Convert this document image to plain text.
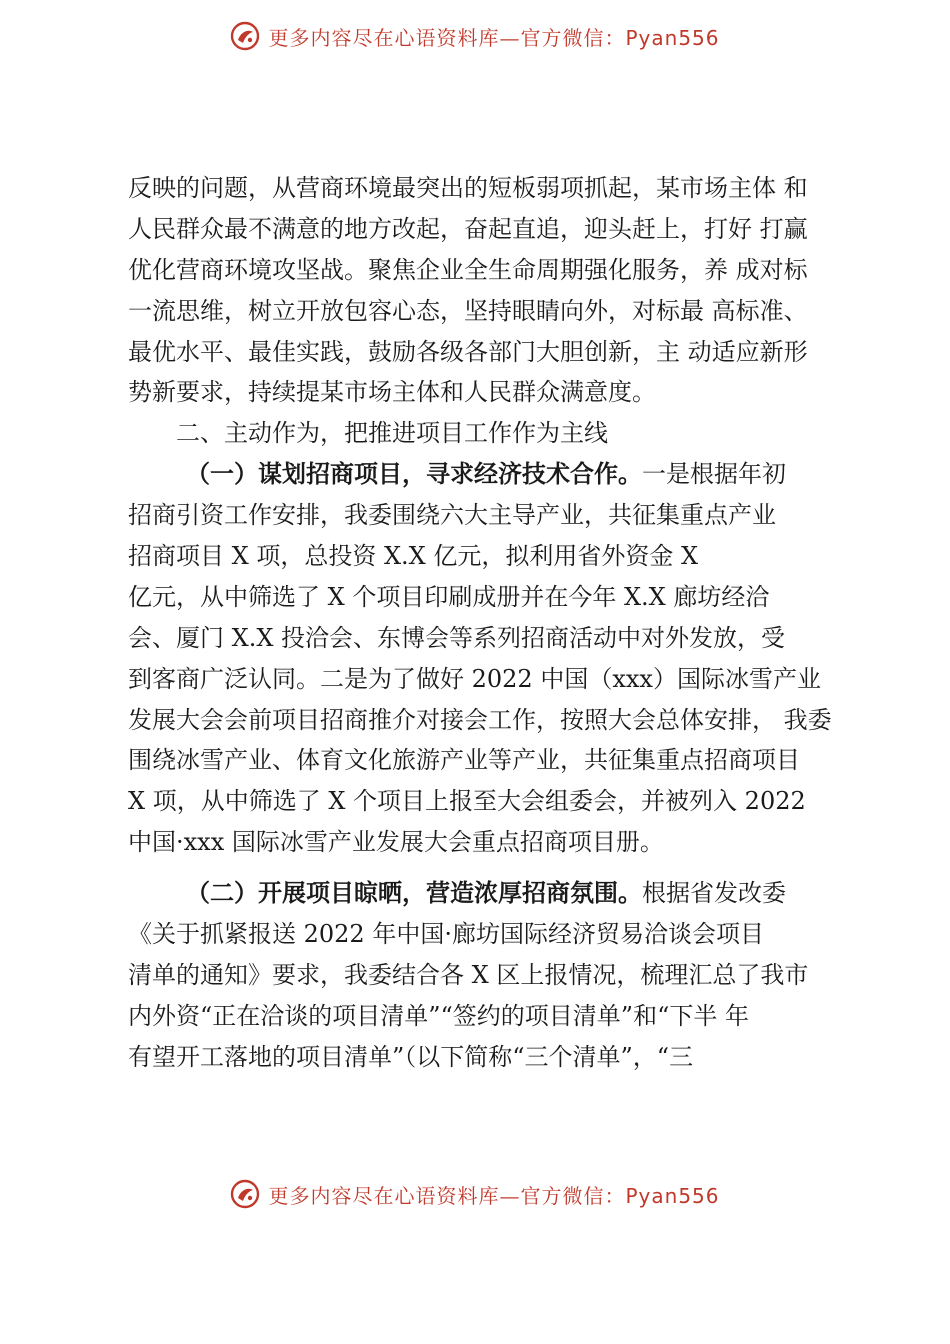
更多内容尽在心语资料库—官方微信：Pyan556
反映的问题，从营商环境最突出的短板弱项抓起，某市场主体 和
人民群众最不满意的地方改起，奋起直追，迎头赶上，打好 打赢
优化营商环境攻坚战。聚焦企业全生命周期强化服务，养 成对标
一流思维，树立开放包容心态，坚持眼睛向外，对标最 高标准、
最优水平、最佳实践，鼓励各级各部门大胆创新，主 动适应新形
势新要求，持续提某市场主体和人民群众满意度。
二、主动作为，把推进项目工作作为主线
（一）谋划招商项目，寻求经济技术合作。一是根据年初
招商引资工作安排，我委围绕六大主导产业，共征集重点产业
招商项目 X 项，总投资 X.X 亿元，拟利用省外资金 X
亿元，从中筛选了 X 个项目印刷成册并在今年 X.X 廊坊经洽
会、厦门 X.X 投洽会、东博会等系列招商活动中对外发放，受
到客商广泛认同。二是为了做好 2022 中国（xxx）国际冰雪产业
发展大会会前项目招商推介对接会工作，按照大会总体安排， 我委
围绕冰雪产业、体育文化旅游产业等产业，共征集重点招商项目
X 项，从中筛选了 X 个项目上报至大会组委会，并被列入 2022
中国·xxx 国际冰雪产业发展大会重点招商项目册。
（二）开展项目晾晒，营造浓厚招商氛围。根据省发改委
《关于抓紧报送 2022 年中国·廊坊国际经济贸易洽谈会项目
清单的通知》要求，我委结合各 X 区上报情况，梳理汇总了我市
内外资“正在洽谈的项目清单”“签约的项目清单”和“下半 年
有望开工落地的项目清单”（以下简称“三个清单”，“三
更多内容尽在心语资料库—官方微信：Pyan556
